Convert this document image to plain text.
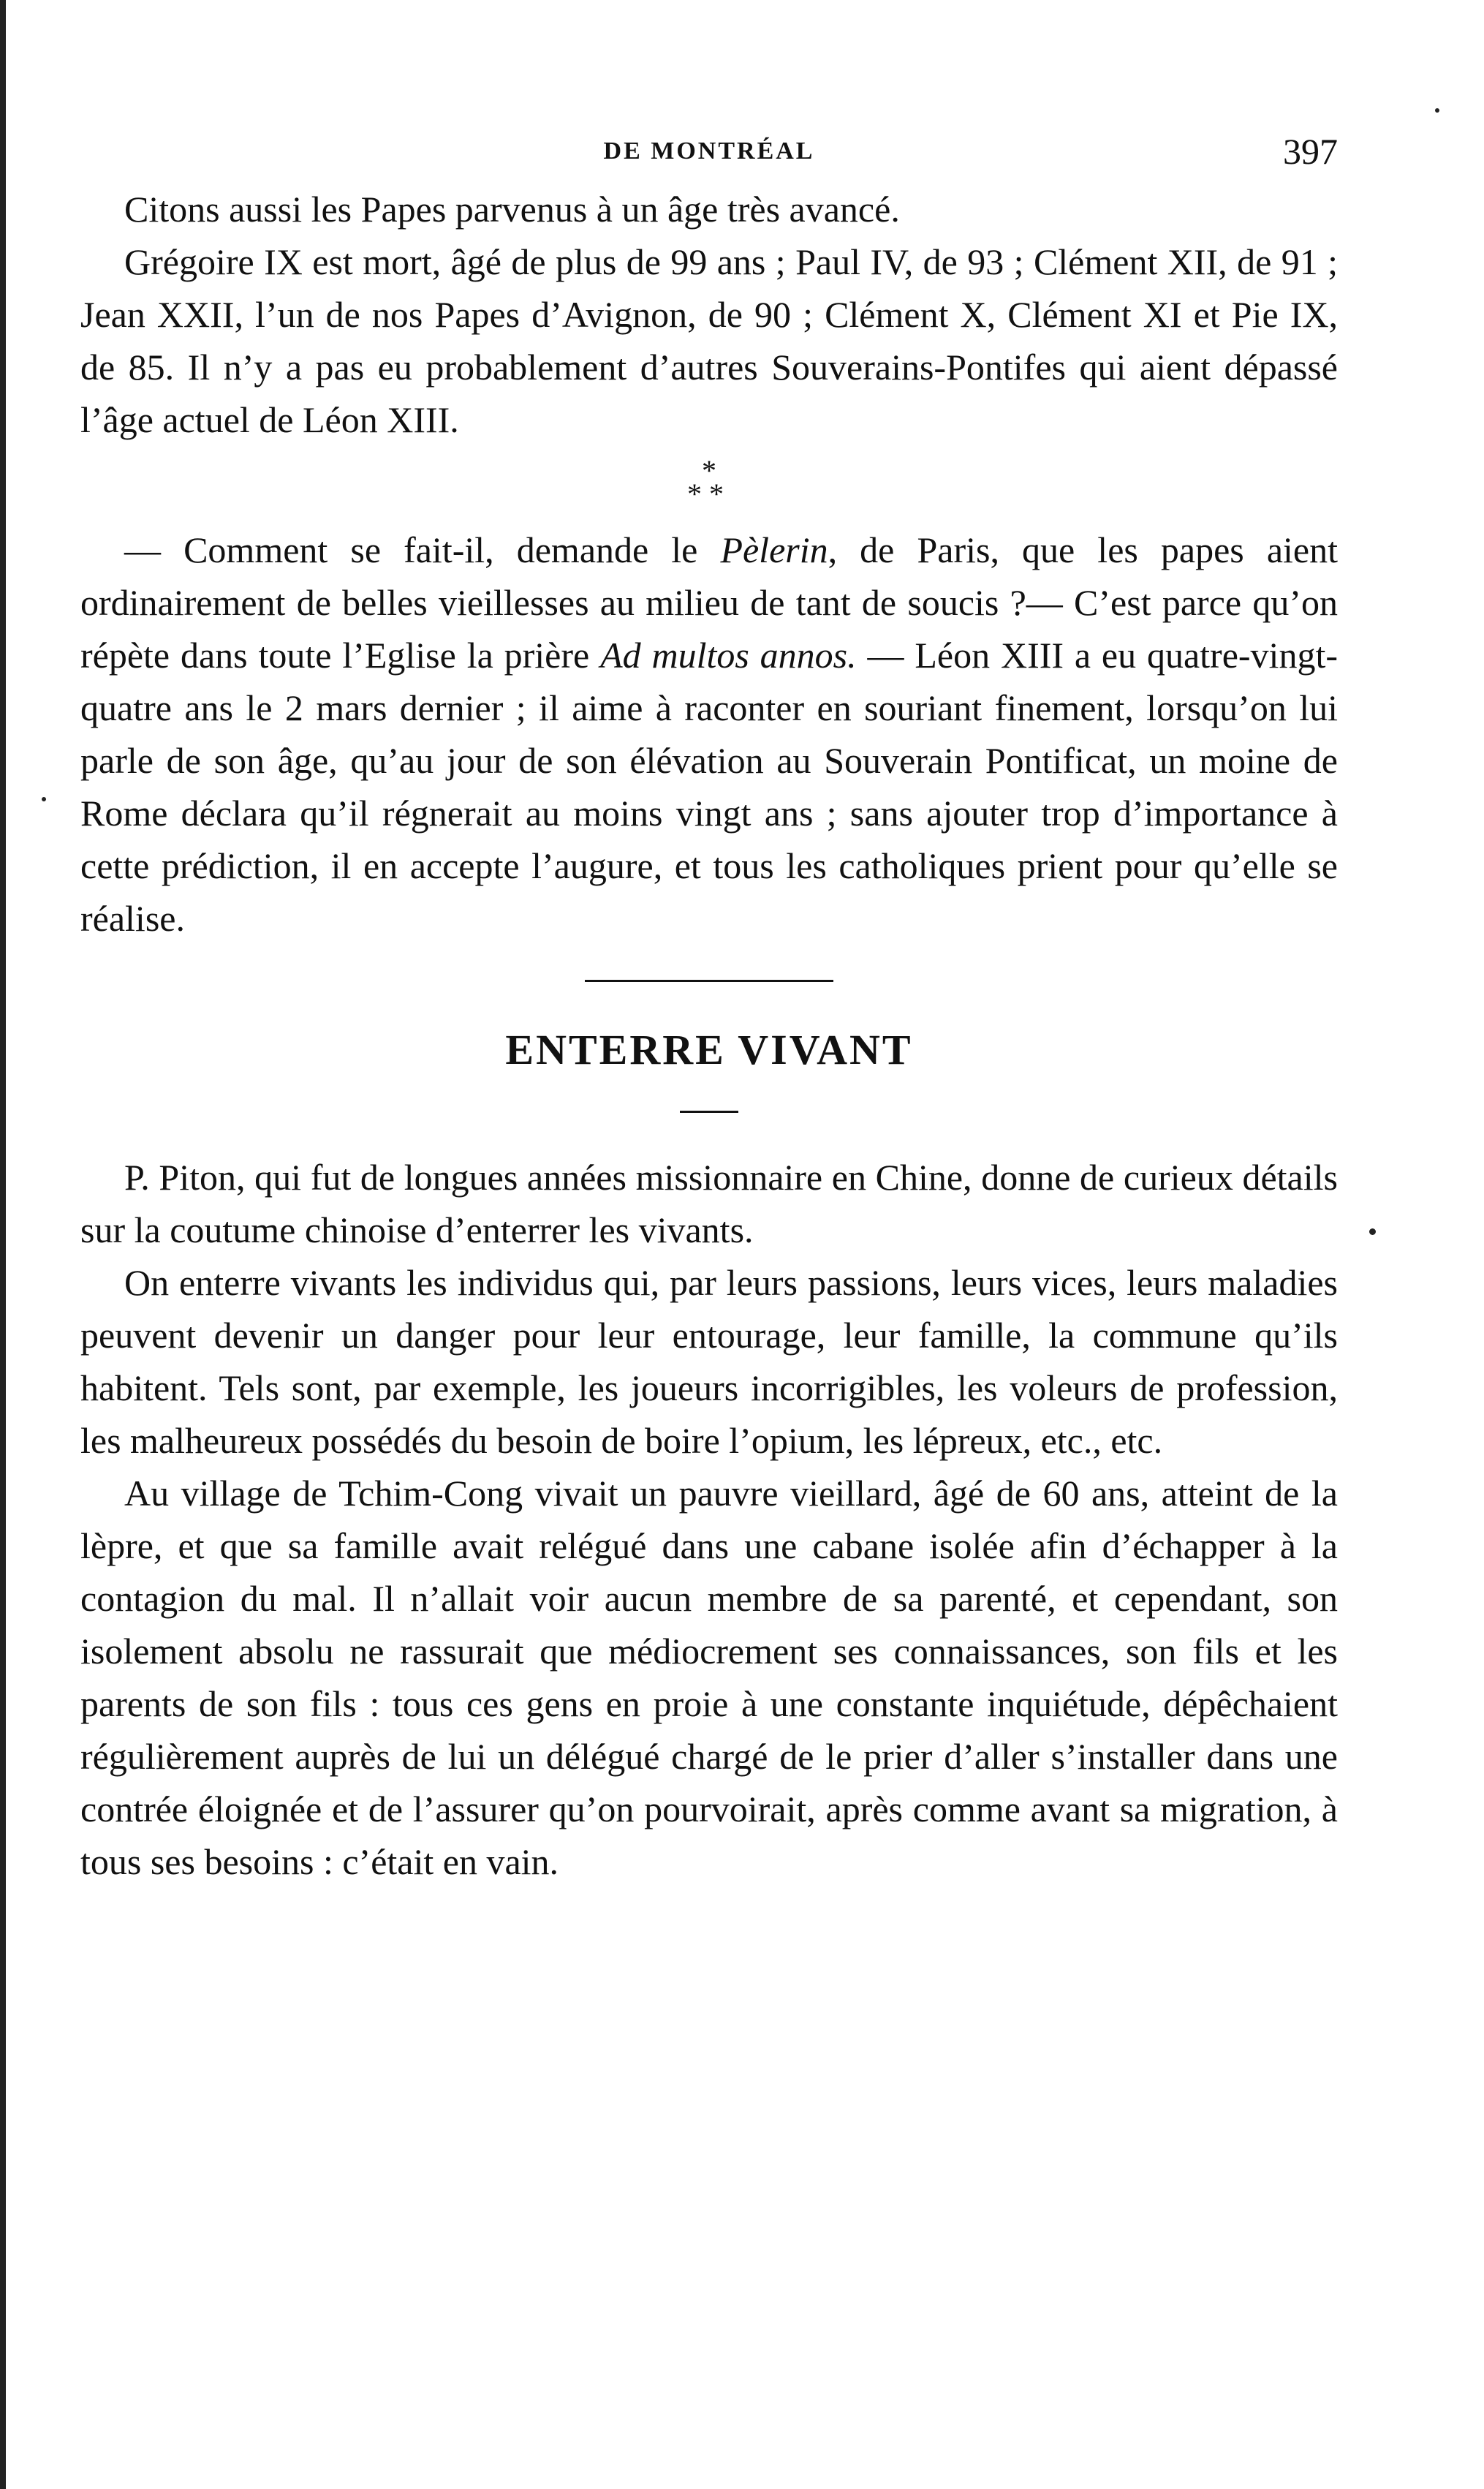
DE MONTRÉAL	397

Citons aussi les Papes parvenus à un âge très avancé.

Grégoire IX est mort, âgé de plus de 99 ans ; Paul IV, de 93 ; Clément XII, de 91 ; Jean XXII, l’un de nos Papes d’Avignon, de 90 ; Clément X, Clément XI et Pie IX, de 85. Il n’y a pas eu probablement d’autres Souverains-Pontifes qui aient dépassé l’âge actuel de Léon XIII.

*
**

— Comment se fait-il, demande le Pèlerin, de Paris, que les papes aient ordinairement de belles vieillesses au milieu de tant de soucis ?— C’est parce qu’on répète dans toute l’Eglise la prière Ad multos annos. — Léon XIII a eu quatre-vingt-quatre ans le 2 mars dernier ; il aime à raconter en souriant finement, lorsqu’on lui parle de son âge, qu’au jour de son élévation au Souverain Pontificat, un moine de Rome déclara qu’il régnerait au moins vingt ans ; sans ajouter trop d’importance à cette prédiction, il en accepte l’augure, et tous les catholiques prient pour qu’elle se réalise.

ENTERRE VIVANT

P. Piton, qui fut de longues années missionnaire en Chine, donne de curieux détails sur la coutume chinoise d’enterrer les vivants.

On enterre vivants les individus qui, par leurs passions, leurs vices, leurs maladies peuvent devenir un danger pour leur entourage, leur famille, la commune qu’ils habitent. Tels sont, par exemple, les joueurs incorrigibles, les voleurs de profession, les malheureux possédés du besoin de boire l’opium, les lépreux, etc., etc.

Au village de Tchim-Cong vivait un pauvre vieillard, âgé de 60 ans, atteint de la lèpre, et que sa famille avait relégué dans une cabane isolée afin d’échapper à la contagion du mal. Il n’allait voir aucun membre de sa parenté, et cependant, son isolement absolu ne rassurait que médiocrement ses connaissances, son fils et les parents de son fils : tous ces gens en proie à une constante inquiétude, dépêchaient régulièrement auprès de lui un délégué chargé de le prier d’aller s’installer dans une contrée éloignée et de l’assurer qu’on pourvoirait, après comme avant sa migration, à tous ses besoins : c’était en vain.
